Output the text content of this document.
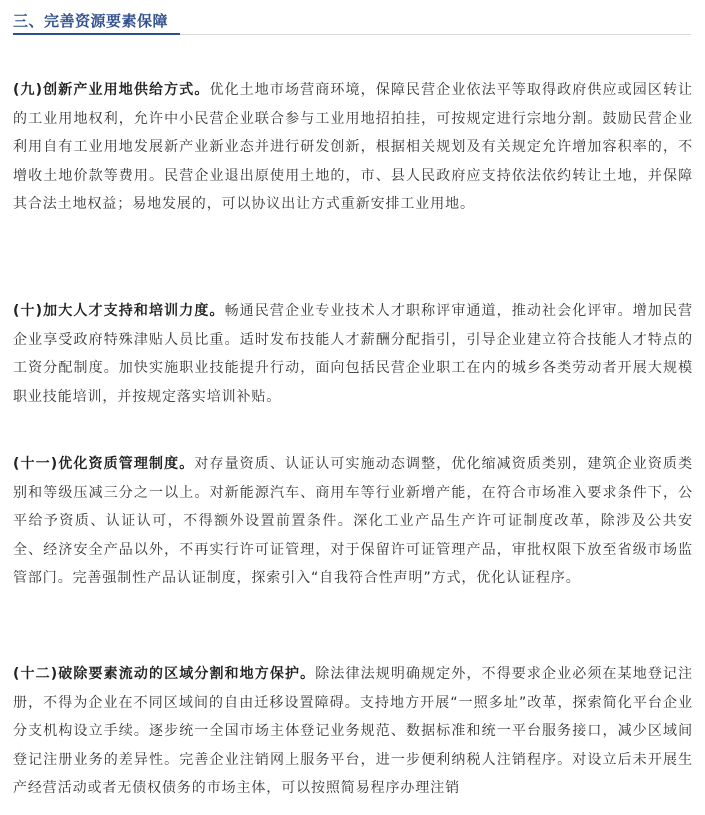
三、完善资源要素保障

(九)创新产业用地供给方式。优化土地市场营商环境，保障民营企业依法平等取得政府供应或园区转让的工业用地权利，允许中小民营企业联合参与工业用地招拍挂，可按规定进行宗地分割。鼓励民营企业利用自有工业用地发展新产业新业态并进行研发创新，根据相关规划及有关规定允许增加容积率的，不增收土地价款等费用。民营企业退出原使用土地的，市、县人民政府应支持依法依约转让土地，并保障其合法土地权益；易地发展的，可以协议出让方式重新安排工业用地。

(十)加大人才支持和培训力度。畅通民营企业专业技术人才职称评审通道，推动社会化评审。增加民营企业享受政府特殊津贴人员比重。适时发布技能人才薪酬分配指引，引导企业建立符合技能人才特点的工资分配制度。加快实施职业技能提升行动，面向包括民营企业职工在内的城乡各类劳动者开展大规模职业技能培训，并按规定落实培训补贴。

(十一)优化资质管理制度。对存量资质、认证认可实施动态调整，优化缩减资质类别，建筑企业资质类别和等级压减三分之一以上。对新能源汽车、商用车等行业新增产能，在符合市场准入要求条件下，公平给予资质、认证认可，不得额外设置前置条件。深化工业产品生产许可证制度改革，除涉及公共安全、经济安全产品以外，不再实行许可证管理，对于保留许可证管理产品，审批权限下放至省级市场监管部门。完善强制性产品认证制度，探索引入“自我符合性声明”方式，优化认证程序。

(十二)破除要素流动的区域分割和地方保护。除法律法规明确规定外，不得要求企业必须在某地登记注册，不得为企业在不同区域间的自由迁移设置障碍。支持地方开展“一照多址”改革，探索简化平台企业分支机构设立手续。逐步统一全国市场主体登记业务规范、数据标准和统一平台服务接口，减少区域间登记注册业务的差异性。完善企业注销网上服务平台，进一步便利纳税人注销程序。对设立后未开展生产经营活动或者无债权债务的市场主体，可以按照简易程序办理注销
